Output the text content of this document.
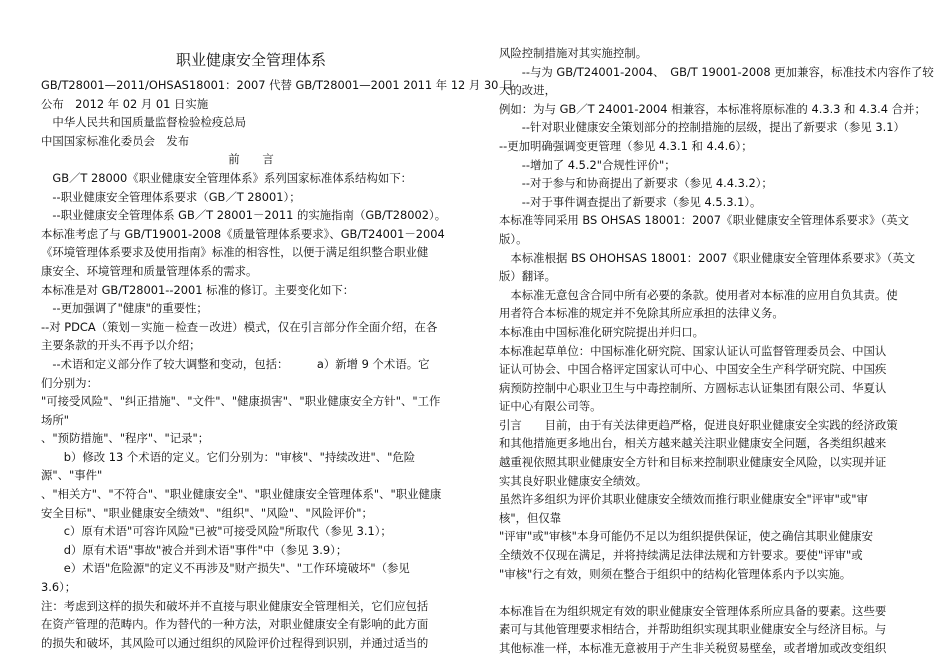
职业健康安全管理体系

GB/T28001—2011/OHSAS18001：2007 代替 GB/T28001—2001 2011 年 12 月 30 日

公布　2012 年 02 月 01 日实施

　中华人民共和国质量监督检验检疫总局

中国国家标准化委员会　发布

前　　言

　GB／T 28000《职业健康安全管理体系》系列国家标准体系结构如下：

　--职业健康安全管理体系要求（GB／T 28001）；

　--职业健康安全管理体系 GB／T 28001－2011 的实施指南（GB/T28002）。

本标准考虑了与 GB/T19001-2008《质量管理体系要求》、GB/T24001－2004

《环境管理体系要求及使用指南》标准的相容性，以便于满足组织整合职业健

康安全、环境管理和质量管理体系的需求。

本标准是对 GB/T28001--2001 标准的修订。主要变化如下：

　--更加强调了"健康"的重要性；

--对 PDCA（策划－实施－检查－改进）模式，仅在引言部分作全面介绍，在各

主要条款的开头不再予以介绍；

　--术语和定义部分作了较大调整和变动，包括：　　　a）新增 9 个术语。它

们分别为：

"可接受风险"、"纠正措施"、"文件"、"健康损害"、"职业健康安全方针"、"工作

场所"

、"预防措施"、"程序"、"记录"；

　　b）修改 13 个术语的定义。它们分别为："审核"、"持续改进"、"危险

源"、"事件"

、"相关方"、"不符合"、"职业健康安全"、"职业健康安全管理体系"、"职业健康

安全目标"、"职业健康安全绩效"、"组织"、"风险"、"风险评价"；

　　c）原有术语"可容许风险"已被"可接受风险"所取代（参见 3.1）；

　　d）原有术语"事故"被合并到术语"事件"中（参见 3.9）；

　　e）术语"危险源"的定义不再涉及"财产损失"、"工作环境破坏"（参见

3.6）；

注：考虑到这样的损失和破坏并不直接与职业健康安全管理相关，它们应包括

在资产管理的范畴内。作为替代的一种方法，对职业健康安全有影响的此方面

的损失和破坏，其风险可以通过组织的风险评价过程得到识别，并通过适当的

风险控制措施对其实施控制。

　　--与为 GB/T24001-2004、　GB/T 19001-2008 更加兼容，标准技术内容作了较

大的改进，

例如：为与 GB／T 24001-2004 相兼容，本标准将原标准的 4.3.3 和 4.3.4 合并；

　　--针对职业健康安全策划部分的控制措施的层级，提出了新要求（参见 3.1）

--更加明确强调变更管理（参见 4.3.1 和 4.4.6）；

　　--增加了 4.5.2"合规性评价"；

　　--对于参与和协商提出了新要求（参见 4.4.3.2）；

　　--对于事件调查提出了新要求（参见 4.5.3.1）。

本标准等同采用 BS OHSAS 18001：2007《职业健康安全管理体系要求》（英文

版）。

　本标准根据 BS OHOHSAS 18001：2007《职业健康安全管理体系要求》（英文

版）翻译。

　本标准无意包含合同中所有必要的条款。使用者对本标准的应用自负其责。使

用者符合本标准的规定并不免除其所应承担的法律义务。

本标准由中国标准化研究院提出并归口。

本标准起草单位：中国标准化研究院、国家认证认可监督管理委员会、中国认

证认可协会、中国合格评定国家认可中心、中国安全生产科学研究院、中国疾

病预防控制中心职业卫生与中毒控制所、方圆标志认证集团有限公司、华夏认

证中心有限公司等。

引言　　目前，由于有关法律更趋严格，促进良好职业健康安全实践的经济政策

和其他措施更多地出台，相关方越来越关注职业健康安全问题，各类组织越来

越重视依照其职业健康安全方针和目标来控制职业健康安全风险，以实现并证

实其良好职业健康安全绩效。

虽然许多组织为评价其职业健康安全绩效而推行职业健康安全"评审"或"审

核"，但仅靠

"评审"或"审核"本身可能仍不足以为组织提供保证，使之确信其职业健康安

全绩效不仅现在满足，并将持续满足法律法规和方针要求。要使"评审"或

"审核"行之有效，则须在整合于组织中的结构化管理体系内予以实施。

本标准旨在为组织规定有效的职业健康安全管理体系所应具备的要素。这些要

素可与其他管理要求相结合，并帮助组织实现其职业健康安全与经济目标。与

其他标准一样，本标准无意被用于产生非关税贸易壁垒，或者增加或改变组织
